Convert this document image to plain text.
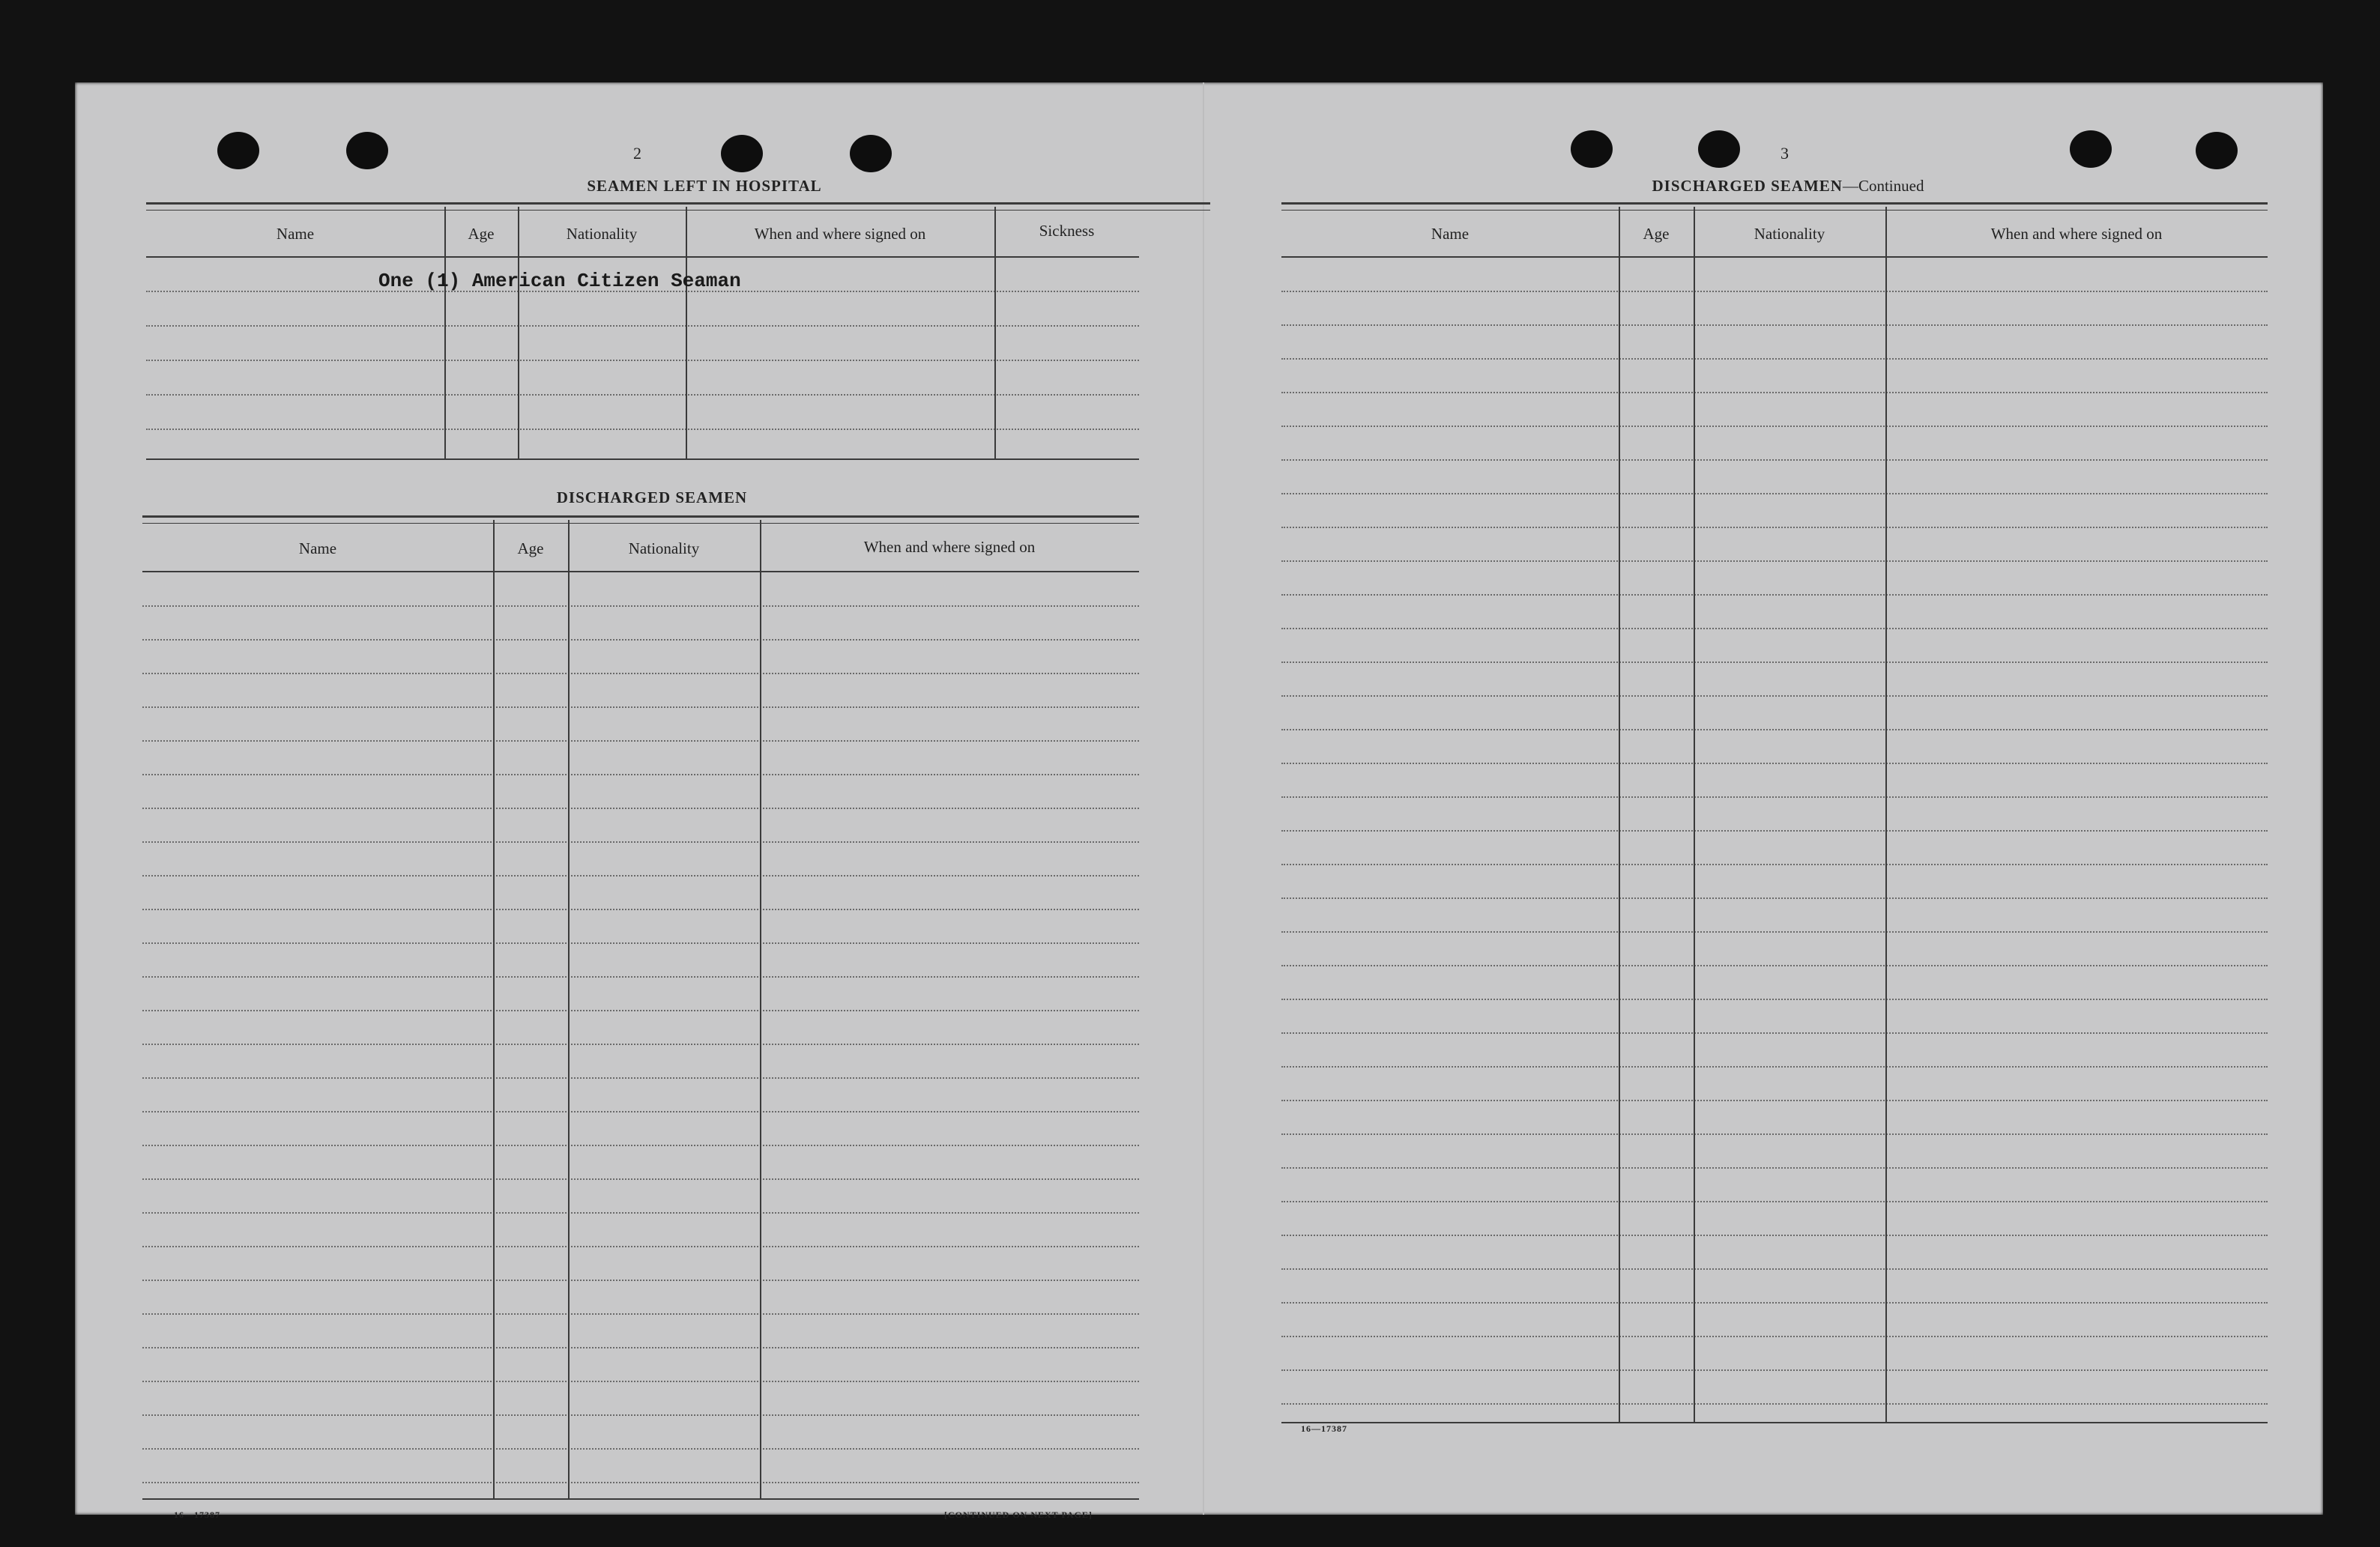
2
SEAMEN LEFT IN HOSPITAL
Name	Age	Nationality	When and where signed on	Sickness
One (1) American Citizen Seaman
DISCHARGED SEAMEN
Name	Age	Nationality	When and where signed on
16—17387	[CONTINUED ON NEXT PAGE]
3
DISCHARGED SEAMEN—Continued
Name	Age	Nationality	When and where signed on
16—17387
